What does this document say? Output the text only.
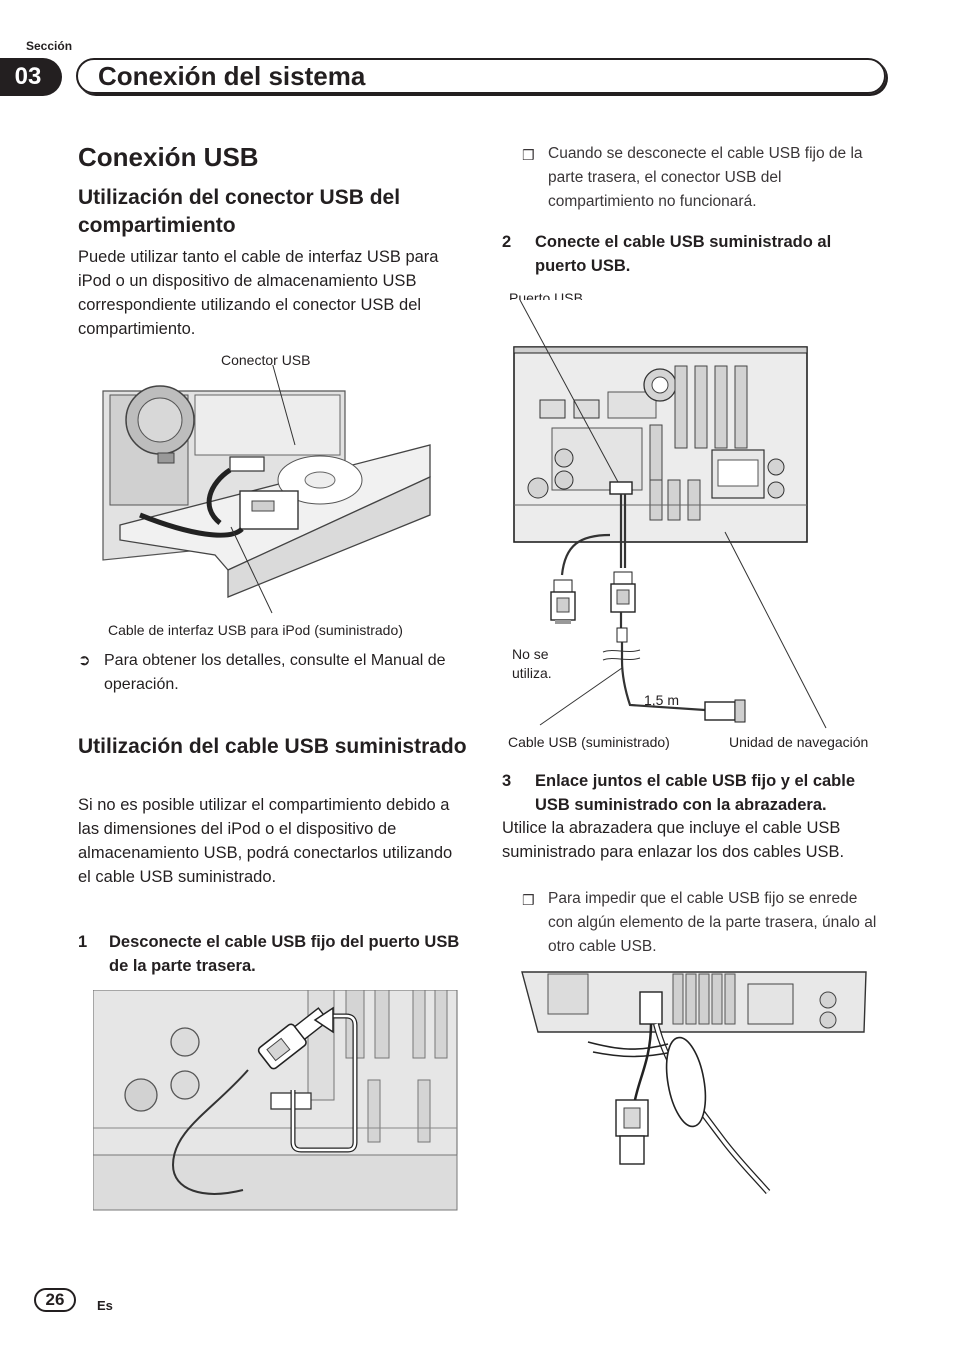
Sección
03	Conexión del sistema
Conexión USB
Utilización del conector USB del compartimiento
Puede utilizar tanto el cable de interfaz USB para iPod o un dispositivo de almacenamiento USB correspondiente utilizando el conector USB del compartimiento.
Conector USB
Cable de interfaz USB para iPod (suministrado)
➲ Para obtener los detalles, consulte el Manual de operación.
Utilización del cable USB suministrado
Si no es posible utilizar el compartimiento debido a las dimensiones del iPod o el dispositivo de almacenamiento USB, podrá conectarlos utilizando el cable USB suministrado.
1	Desconecte el cable USB fijo del puerto USB de la parte trasera.
❒ Cuando se desconecte el cable USB fijo de la parte trasera, el conector USB del compartimiento no funcionará.
2	Conecte el cable USB suministrado al puerto USB.
Puerto USB
No se
utiliza.
1,5 m
Cable USB (suministrado)	Unidad de navegación
3	Enlace juntos el cable USB fijo y el cable USB suministrado con la abrazadera.
Utilice la abrazadera que incluye el cable USB suministrado para enlazar los dos cables USB.
❒ Para impedir que el cable USB fijo se enrede con algún elemento de la parte trasera, únalo al otro cable USB.
26	Es
